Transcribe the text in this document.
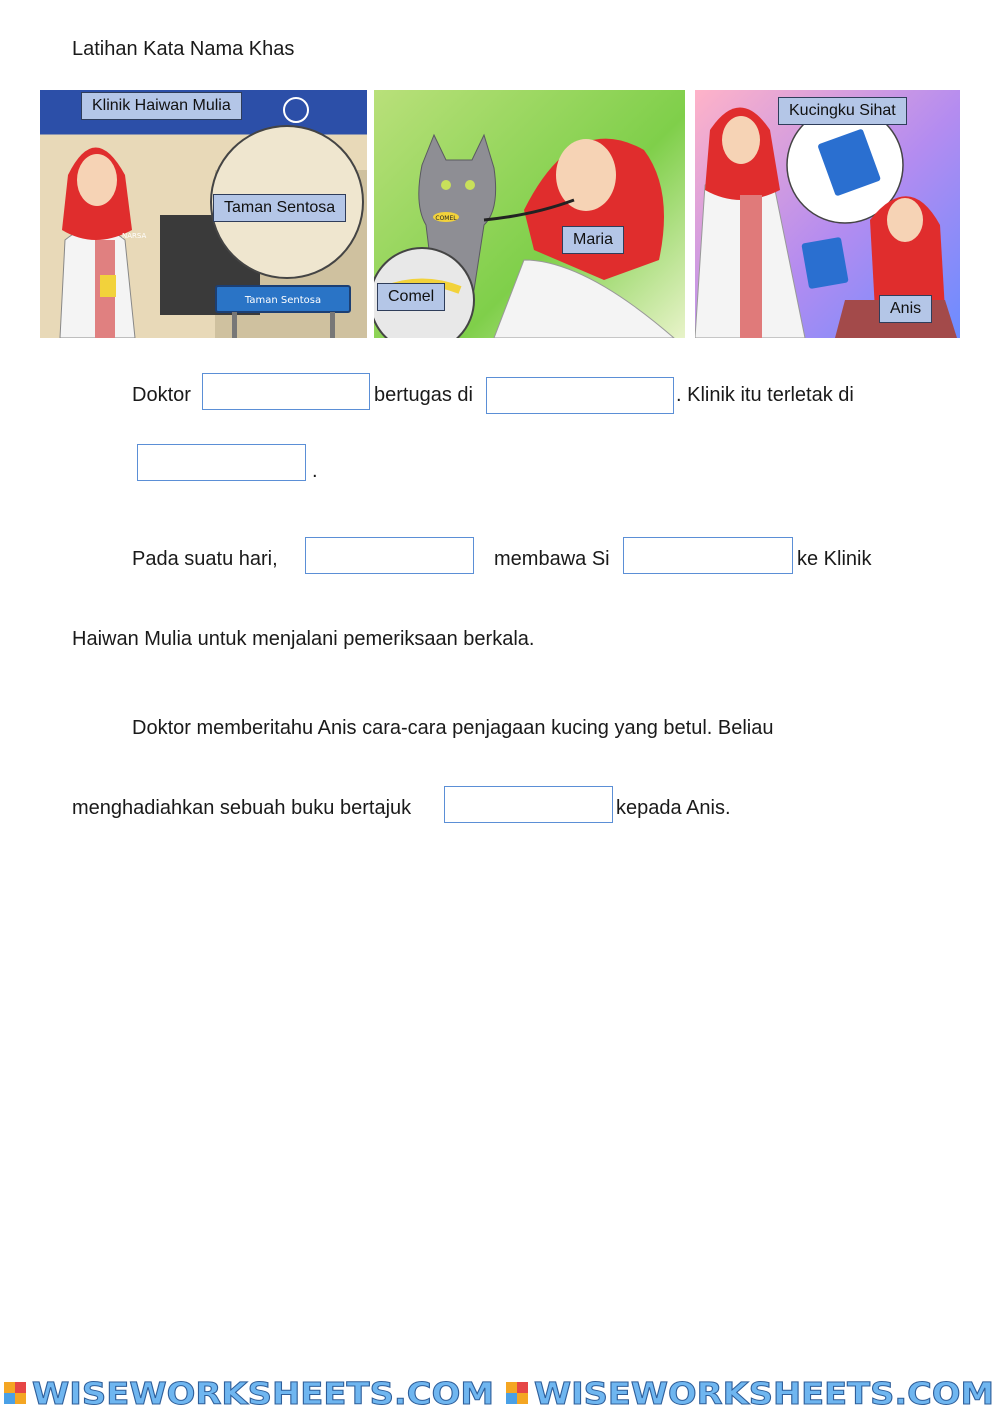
Latihan Kata Nama Khas
NARSA
Taman Sentosa
Klinik Haiwan Mulia
Taman Sentosa
COMEL
Comel
Maria
Kucingku Sihat
Anis
Doktor	bertugas di	. Klinik itu terletak di
.
Pada suatu hari,	membawa Si	ke Klinik
Haiwan Mulia untuk menjalani pemeriksaan berkala.
Doktor memberitahu Anis cara-cara penjagaan kucing yang betul. Beliau
menghadiahkan sebuah buku bertajuk	kepada Anis.
WISEWORKSHEETS.COM WISEWORKSHEETS.COM
